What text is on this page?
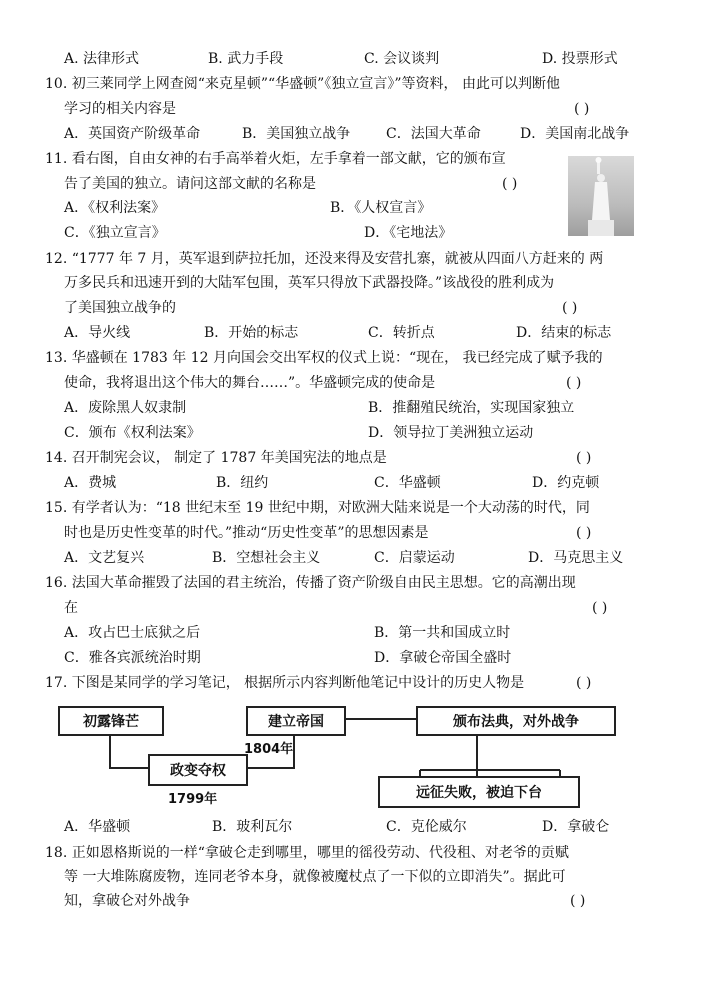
A. 法律形式	B. 武力手段	C. 会议谈判	D. 投票形式
10. 初三莱同学上网查阅“来克星顿”“华盛顿”《独立宣言》”等资料， 由此可以判断他
学习的相关内容是	( )
A．英国资产阶级革命	B．美国独立战争	C．法国大革命	D．美国南北战争
11. 看右图，自由女神的右手高举着火炬，左手拿着一部文献，它的颁布宣
告了美国的独立。请问这部文献的名称是	( )
A．《权利法案》	B．《人权宣言》
C．《独立宣言》	D．《宅地法》
12. “1777 年 7 月，英军退到萨拉托加，还没来得及安营扎寨，就被从四面八方赶来的 两
万多民兵和迅速开到的大陆军包围，英军只得放下武器投降。”该战役的胜利成为
了美国独立战争的	( )
A．导火线	B．开始的标志	C．转折点	D．结束的标志
13. 华盛顿在 1783 年 12 月向国会交出军权的仪式上说：“现在， 我已经完成了赋予我的
使命，我将退出这个伟大的舞台……”。华盛顿完成的使命是	( )
A．废除黑人奴隶制	B．推翻殖民统治，实现国家独立
C．颁布《权利法案》	D．领导拉丁美洲独立运动
14. 召开制宪会议， 制定了 1787 年美国宪法的地点是	( )
A．费城	B．纽约	C．华盛顿	D．约克顿
15. 有学者认为：“18 世纪末至 19 世纪中期，对欧洲大陆来说是一个大动荡的时代，同
时也是历史性变革的时代。”推动“历史性变革”的思想因素是	( )
A．文艺复兴	B．空想社会主义	C．启蒙运动	D．马克思主义
16. 法国大革命摧毁了法国的君主统治，传播了资产阶级自由民主思想。它的高潮出现
在	( )
A．攻占巴士底狱之后	B．第一共和国成立时
C．雅各宾派统治时期	D．拿破仑帝国全盛时
17. 下图是某同学的学习笔记， 根据所示内容判断他笔记中设计的历史人物是	( )
初露锋芒
政变夺权
建立帝国	颁布法典，对外战争
远征失败，被迫下台
1799年
1804年
A．华盛顿	B．玻利瓦尔	C．克伦威尔	D．拿破仑
18. 正如恩格斯说的一样“拿破仑走到哪里，哪里的徭役劳动、代役租、对老爷的贡赋
等 一大堆陈腐废物，连同老爷本身，就像被魔杖点了一下似的立即消失”。据此可
知，拿破仑对外战争	( )
